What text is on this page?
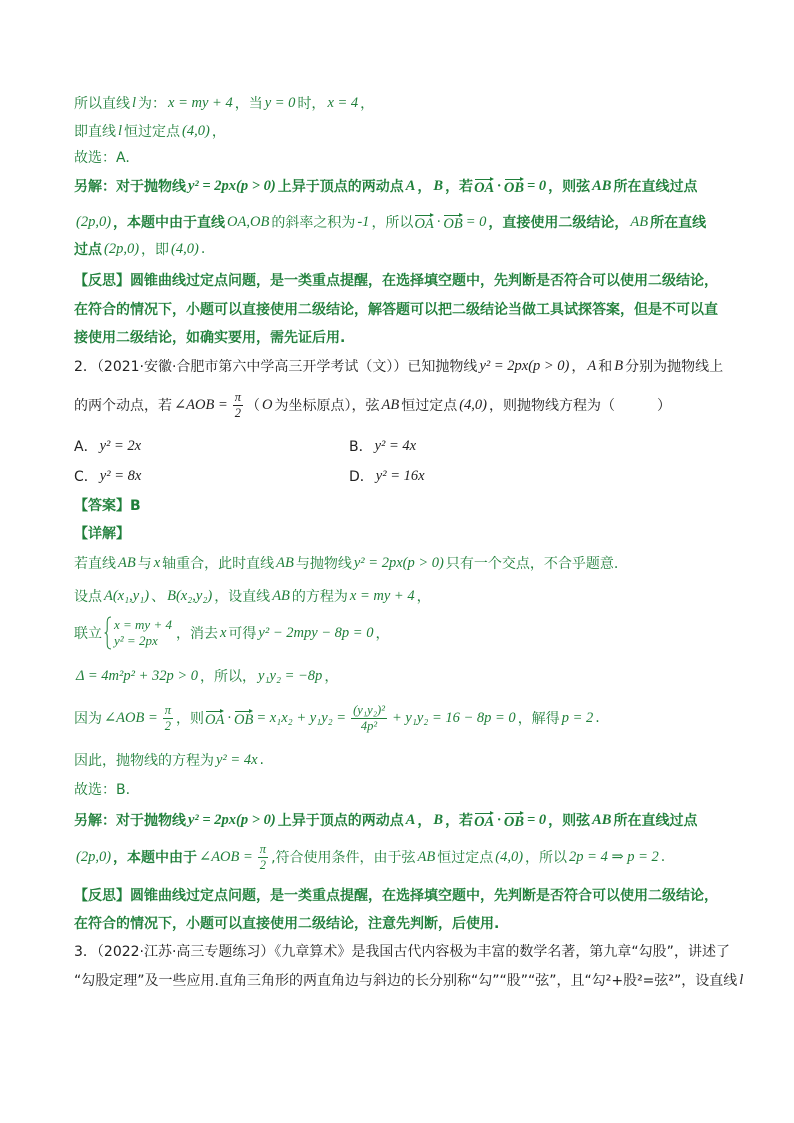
所以直线 l 为： x = my + 4 ，当 y = 0 时， x = 4 ，
即直线 l 恒过定点 (4,0) ，
故选：A.
另解：对于抛物线 y² = 2px(p > 0) 上异于顶点的两动点 A ， B ，若 OA · OB = 0 ，则弦 AB 所在直线过点
(2p,0) ，本题中由于直线 OA,OB 的斜率之积为 -1 ，所以 OA · OB = 0 ，直接使用二级结论， AB 所在直线
过点 (2p,0) ，即 (4,0) .
【反思】圆锥曲线过定点问题，是一类重点提醒，在选择填空题中，先判断是否符合可以使用二级结论，
在符合的情况下，小题可以直接使用二级结论，解答题可以把二级结论当做工具试探答案，但是不可以直
接使用二级结论，如确实要用，需先证后用.
2．（2021·安徽·合肥市第六中学高三开学考试（文））已知抛物线 y² = 2px(p > 0) ， A 和 B 分别为抛物线上
的两个动点，若 ∠AOB = $\frac{\pi}{2}$ （ O 为坐标原点），弦 AB 恒过定点 (4,0) ，则抛物线方程为（　　　）
A． y² = 2x	B． y² = 4x
C． y² = 8x	D． y² = 16x
【答案】B
【详解】
若直线 AB 与 x 轴重合，此时直线 AB 与抛物线 y² = 2px(p > 0) 只有一个交点，不合乎题意.
设点 A(x₁,y₁) 、 B(x₂,y₂) ，设直线 AB 的方程为 x = my + 4 ，
联立
x = my + 4
y² = 2px	，消去 x 可得 y² − 2mpy − 8p = 0 ，
Δ = 4m²p² + 32p > 0 ，所以， y₁y₂ = −8p ，
因为 ∠AOB = $\frac{\pi}{2}$ ，则 OA · OB = $x_1x_2 + y_1y_2 = \frac{\text{(y₁y₂)²}}{\text{4p²}} + y_1y_2 = 16 - 8p = 0$ ，解得 p = 2 .
因此，抛物线的方程为 y² = 4x .
故选：B.
另解：对于抛物线 y² = 2px(p > 0) 上异于顶点的两动点 A ， B ，若 OA · OB = 0 ，则弦 AB 所在直线过点
(2p,0) ，本题中由于 ∠AOB = $\frac{\pi}{2}$ ,符合使用条件，由于弦 AB 恒过定点 (4,0) ，所以 2p = 4 ⇒ p = 2 .
【反思】圆锥曲线过定点问题，是一类重点提醒，在选择填空题中，先判断是否符合可以使用二级结论，
在符合的情况下，小题可以直接使用二级结论，注意先判断，后使用.
3．（2022·江苏·高三专题练习）《九章算术》是我国古代内容极为丰富的数学名著，第九章“勾股”，讲述了
“勾股定理”及一些应用.直角三角形的两直角边与斜边的长分别称“勾”“股”“弦”，且“勾²+股²=弦²”，设直线 l
